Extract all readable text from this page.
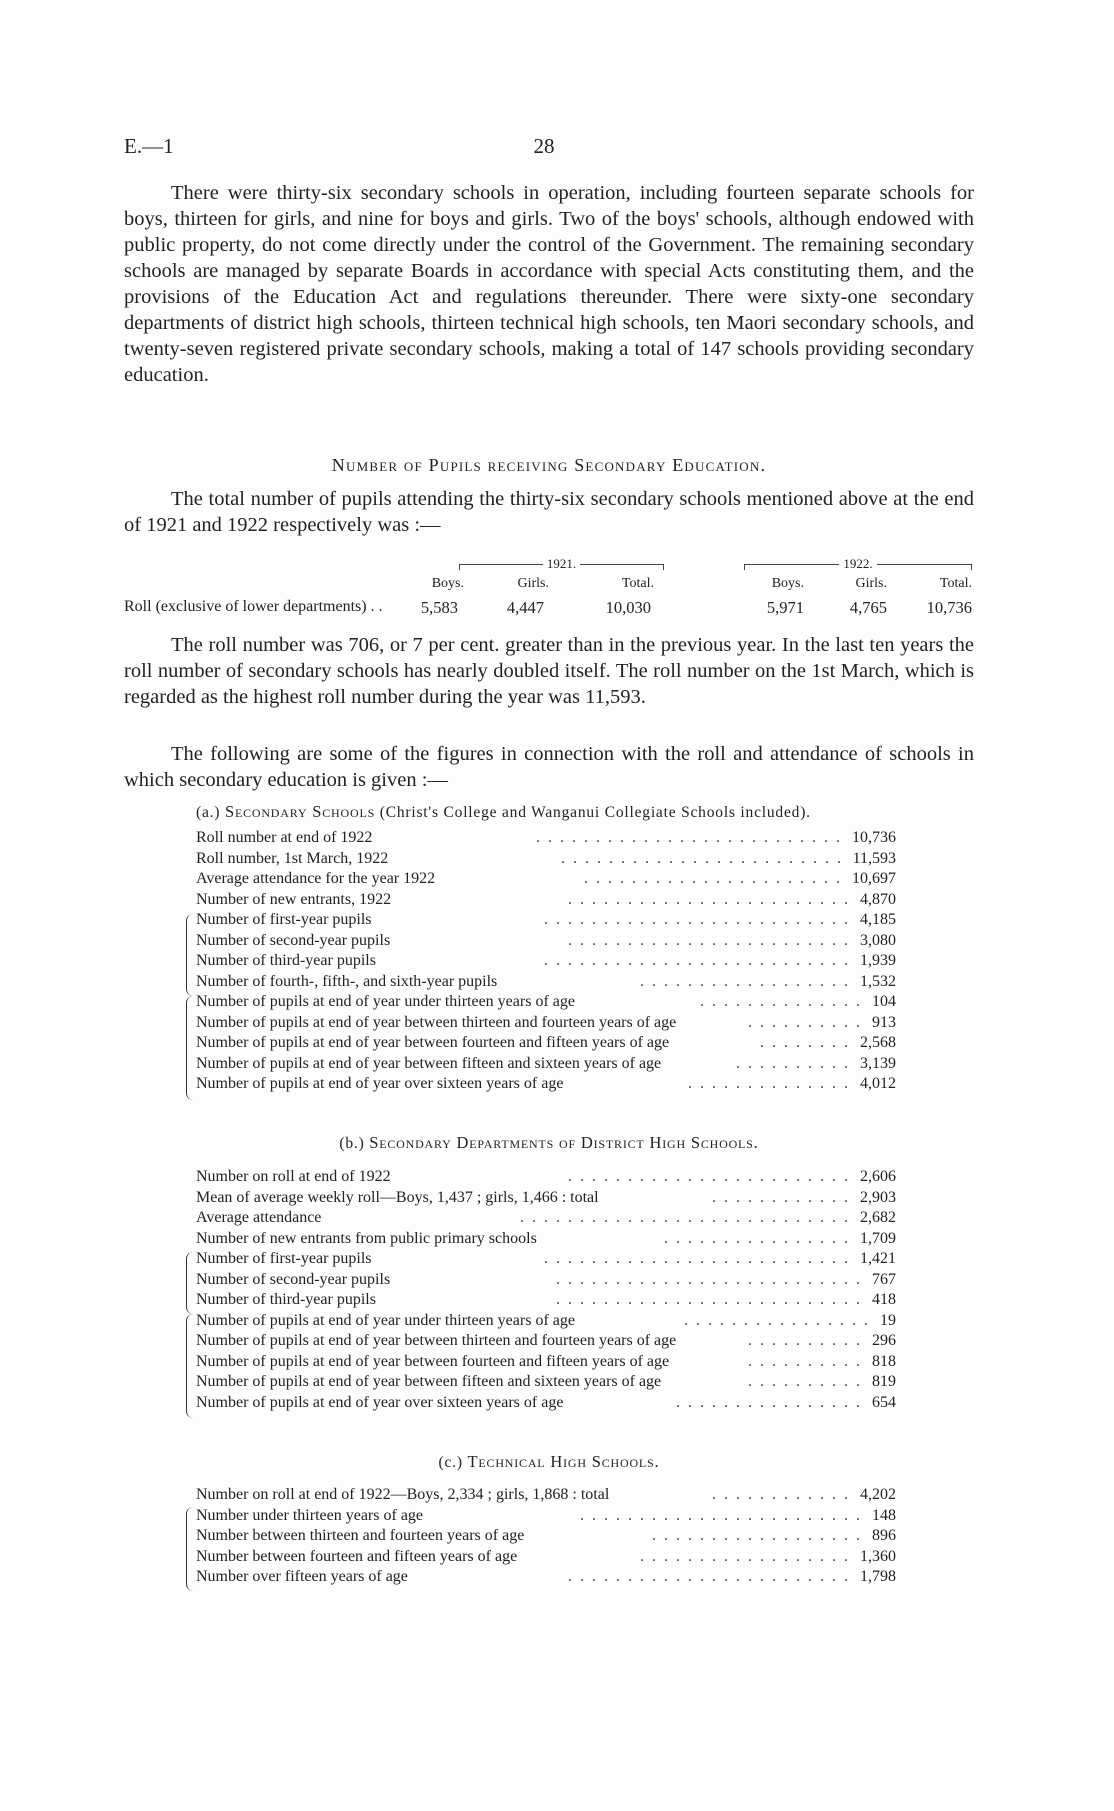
E.—1	28

There were thirty-six secondary schools in operation, including fourteen separate schools for boys, thirteen for girls, and nine for boys and girls. Two of the boys' schools, although endowed with public property, do not come directly under the control of the Government. The remaining secondary schools are managed by separate Boards in accordance with special Acts constituting them, and the provisions of the Education Act and regulations thereunder. There were sixty-one secondary departments of district high schools, thirteen technical high schools, ten Maori secondary schools, and twenty-seven registered private secondary schools, making a total of 147 schools providing secondary education.

Number of Pupils receiving Secondary Education.

The total number of pupils attending the thirty-six secondary schools mentioned above at the end of 1921 and 1922 respectively was :—

1921.	1922.
Boys.	Girls.	Total.	Boys.	Girls.	Total.
Roll (exclusive of lower departments) . .	5,583	4,447	10,030	5,971	4,765	10,736

The roll number was 706, or 7 per cent. greater than in the previous year. In the last ten years the roll number of secondary schools has nearly doubled itself. The roll number on the 1st March, which is regarded as the highest roll number during the year was 11,593.

The following are some of the figures in connection with the roll and attendance of schools in which secondary education is given :—

(a.) Secondary Schools (Christ's College and Wanganui Collegiate Schools included).
Roll number at end of 1922	10,736
. . . . . . . . . . . . . . . . . . . . . . . . . .
Roll number, 1st March, 1922	11,593
. . . . . . . . . . . . . . . . . . . . . . . .
Average attendance for the year 1922	10,697
. . . . . . . . . . . . . . . . . . . . . .
Number of new entrants, 1922	4,870
. . . . . . . . . . . . . . . . . . . . . . . .
Number of first-year pupils	4,185
. . . . . . . . . . . . . . . . . . . . . . . . . .
Number of second-year pupils	3,080
. . . . . . . . . . . . . . . . . . . . . . . .
Number of third-year pupils	1,939
. . . . . . . . . . . . . . . . . . . . . . . . . .
Number of fourth-, fifth-, and sixth-year pupils	1,532
. . . . . . . . . . . . . . . . . .
Number of pupils at end of year under thirteen years of age	104
. . . . . . . . . . . . . .
Number of pupils at end of year between thirteen and fourteen years of age	913
. . . . . . . . . .
Number of pupils at end of year between fourteen and fifteen years of age	2,568
. . . . . . . .
Number of pupils at end of year between fifteen and sixteen years of age	3,139
. . . . . . . . . .
Number of pupils at end of year over sixteen years of age	4,012
. . . . . . . . . . . . . .
(b.) Secondary Departments of District High Schools.
Number on roll at end of 1922	2,606
. . . . . . . . . . . . . . . . . . . . . . . .
Mean of average weekly roll—Boys, 1,437 ; girls, 1,466 : total	2,903
. . . . . . . . . . . .
Average attendance	2,682
. . . . . . . . . . . . . . . . . . . . . . . . . . . .
Number of new entrants from public primary schools	1,709
. . . . . . . . . . . . . . . .
Number of first-year pupils	1,421
. . . . . . . . . . . . . . . . . . . . . . . . . .
Number of second-year pupils	767
. . . . . . . . . . . . . . . . . . . . . . . . . .
Number of third-year pupils	418
. . . . . . . . . . . . . . . . . . . . . . . . . .
Number of pupils at end of year under thirteen years of age	19
. . . . . . . . . . . . . . . .
Number of pupils at end of year between thirteen and fourteen years of age	296
. . . . . . . . . .
Number of pupils at end of year between fourteen and fifteen years of age	818
. . . . . . . . . .
Number of pupils at end of year between fifteen and sixteen years of age	819
. . . . . . . . . .
Number of pupils at end of year over sixteen years of age	654
. . . . . . . . . . . . . . . .
(c.) Technical High Schools.
Number on roll at end of 1922—Boys, 2,334 ; girls, 1,868 : total	4,202
. . . . . . . . . . . .
Number under thirteen years of age	148
. . . . . . . . . . . . . . . . . . . . . . . .
Number between thirteen and fourteen years of age	896
. . . . . . . . . . . . . . . . . .
Number between fourteen and fifteen years of age	1,360
. . . . . . . . . . . . . . . . . .
Number over fifteen years of age	1,798
. . . . . . . . . . . . . . . . . . . . . . . .
